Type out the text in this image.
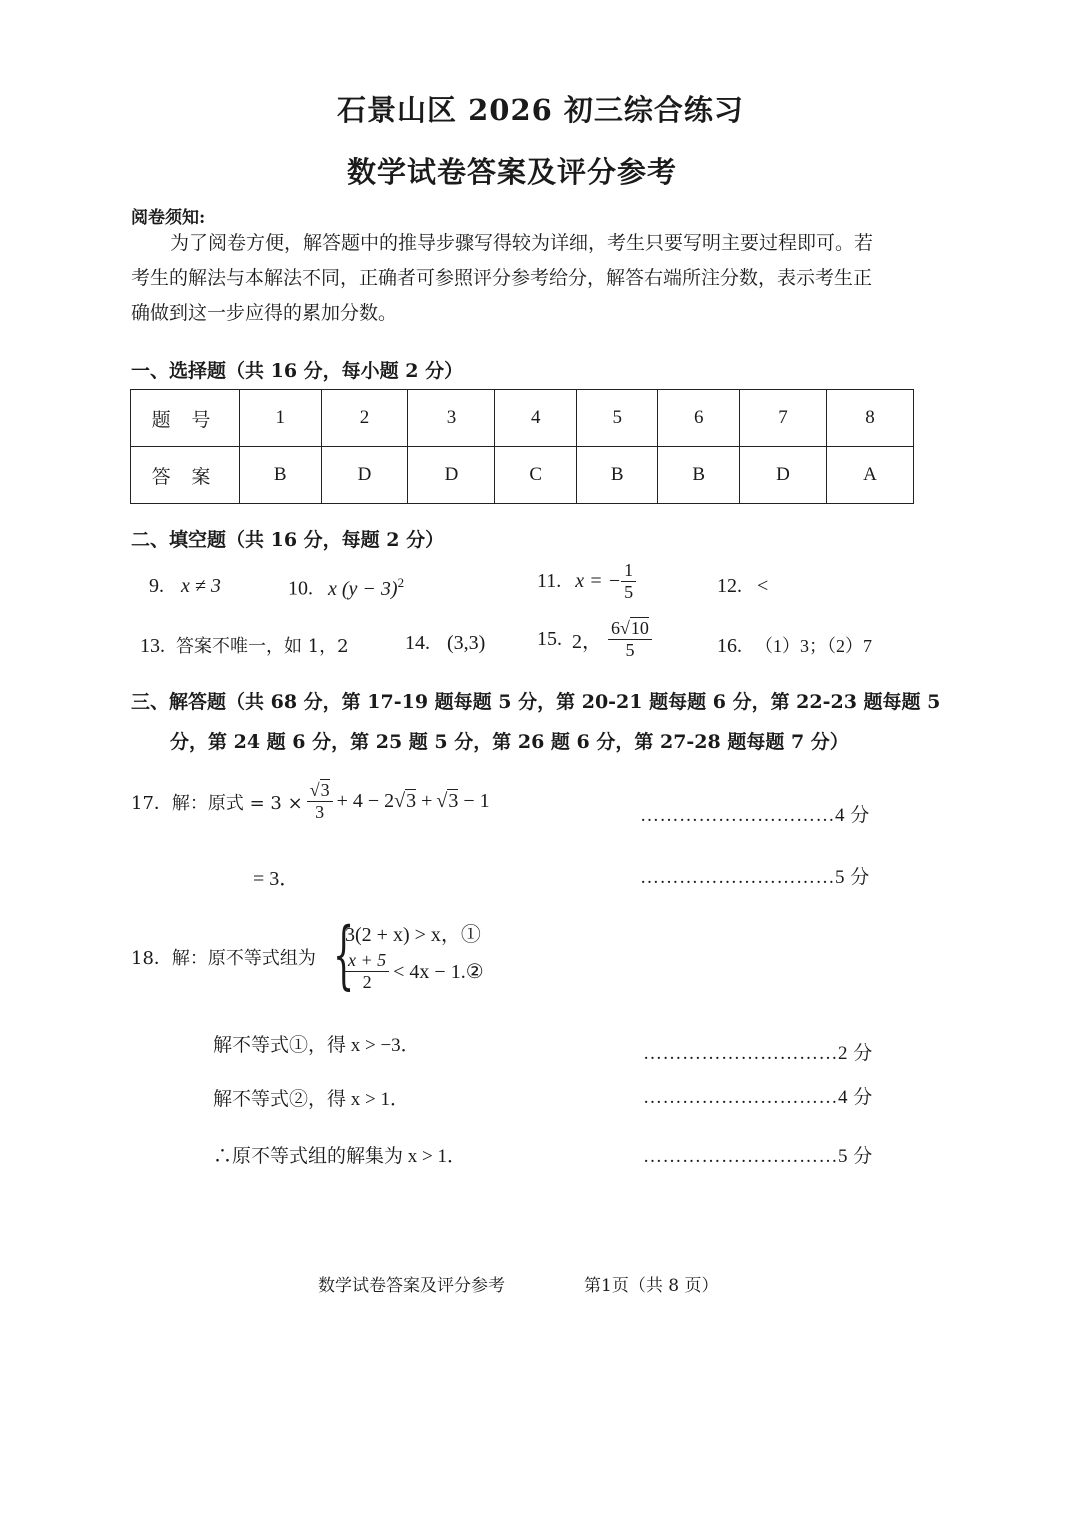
石景山区 2026 初三综合练习
数学试卷答案及评分参考
阅卷须知:
为了阅卷方便，解答题中的推导步骤写得较为详细，考生只要写明主要过程即可。若
考生的解法与本解法不同，正确者可参照评分参考给分，解答右端所注分数，表示考生正
确做到这一步应得的累加分数。
一、选择题（共 16 分，每小题 2 分）
题 号	1	2	3	4	5	6	7	8
答 案	B	D	D	C	B	B	D	A
二、填空题（共 16 分，每题 2 分）
9. x ≠ 3	10. x $(y - 3)^2$	11. x = − $\frac{1}{5}$	12. <
13. 答案不唯一，如 1，2	14. (3,3)	15. 2， $\frac{6√10}{5}$	16. （1）3；（2）7
三、解答题（共 68 分，第 17-19 题每题 5 分，第 20-21 题每题 6 分，第 22-23 题每题 5
分，第 24 题 6 分，第 25 题 5 分，第 26 题 6 分，第 27-28 题每题 7 分）
17．解：原式 = $3 \times \frac{√3}{3} + 4 - 2$ √3 + √3 − 1
…………………………4 分
= 3．	…………………………5 分
18．解：原不等式组为 {
3(2 + x) > x，①
$\frac{x + 5}{2} < 4x$ − 1.②
解不等式①，得 x > −3．	…………………………2 分
解不等式②，得 x > 1．	…………………………4 分
∴原不等式组的解集为 x > 1．	…………………………5 分
数学试卷答案及评分参考	第1页（共 8 页）
